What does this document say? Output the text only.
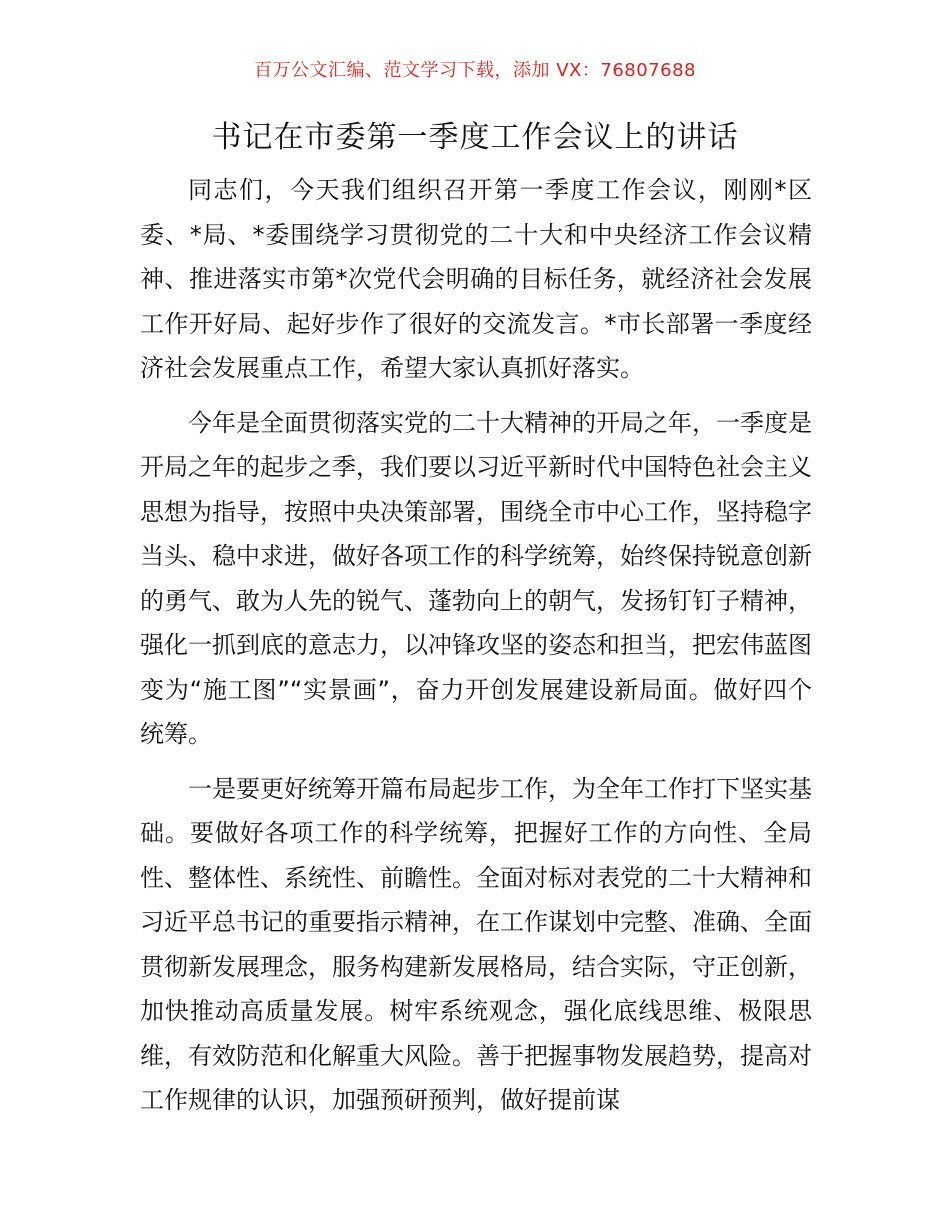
百万公文汇编、范文学习下载，添加 VX：76807688
书记在市委第一季度工作会议上的讲话

同志们，今天我们组织召开第一季度工作会议，刚刚*区委、*局、*委围绕学习贯彻党的二十大和中央经济工作会议精神、推进落实市第*次党代会明确的目标任务，就经济社会发展工作开好局、起好步作了很好的交流发言。*市长部署一季度经济社会发展重点工作，希望大家认真抓好落实。

今年是全面贯彻落实党的二十大精神的开局之年，一季度是开局之年的起步之季，我们要以习近平新时代中国特色社会主义思想为指导，按照中央决策部署，围绕全市中心工作，坚持稳字当头、稳中求进，做好各项工作的科学统筹，始终保持锐意创新的勇气、敢为人先的锐气、蓬勃向上的朝气，发扬钉钉子精神，强化一抓到底的意志力，以冲锋攻坚的姿态和担当，把宏伟蓝图变为“施工图”“实景画”，奋力开创发展建设新局面。做好四个统筹。

一是要更好统筹开篇布局起步工作，为全年工作打下坚实基础。要做好各项工作的科学统筹，把握好工作的方向性、全局性、整体性、系统性、前瞻性。全面对标对表党的二十大精神和习近平总书记的重要指示精神，在工作谋划中完整、准确、全面贯彻新发展理念，服务构建新发展格局，结合实际，守正创新，加快推动高质量发展。树牢系统观念，强化底线思维、极限思维，有效防范和化解重大风险。善于把握事物发展趋势，提高对工作规律的认识，加强预研预判，做好提前谋
